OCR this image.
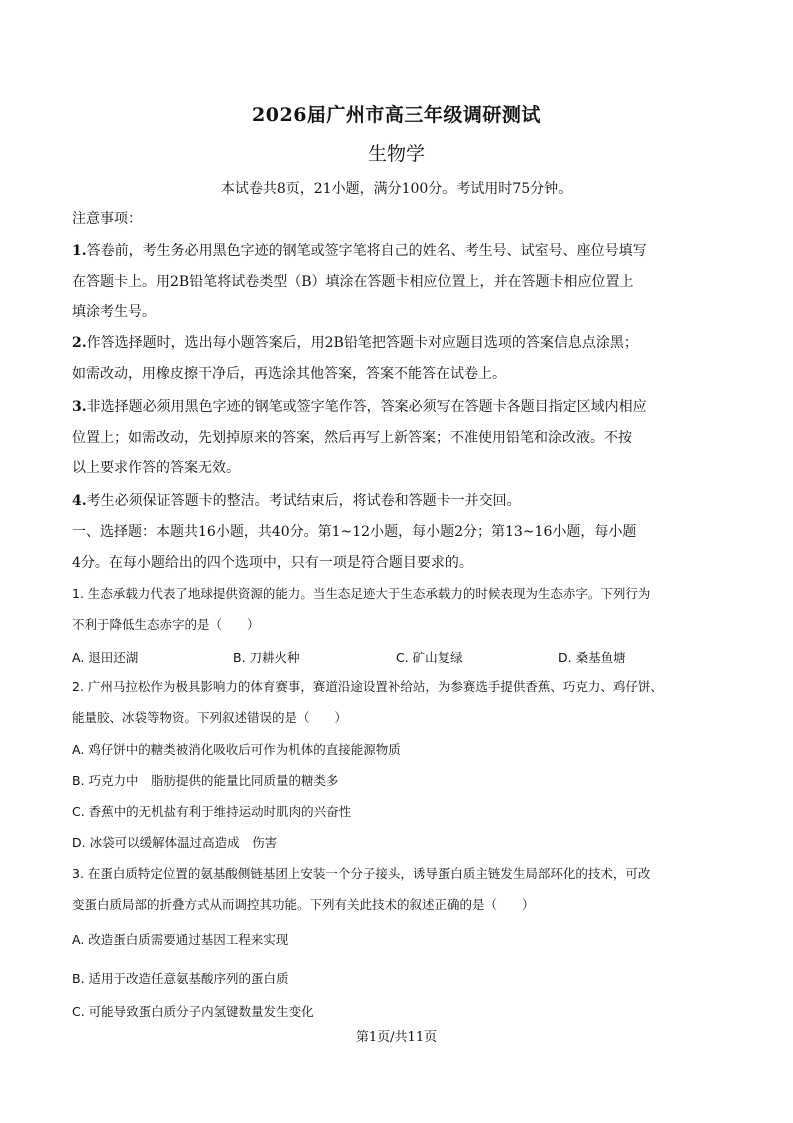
2026届广州市高三年级调研测试
生物学
本试卷共8页，21小题，满分100分。考试用时75分钟。
注意事项：
1.答卷前，考生务必用黑色字迹的钢笔或签字笔将自己的姓名、考生号、试室号、座位号填写
在答题卡上。用2B铅笔将试卷类型（B）填涂在答题卡相应位置上，并在答题卡相应位置上
填涂考生号。
2.作答选择题时，选出每小题答案后，用2B铅笔把答题卡对应题目选项的答案信息点涂黑；
如需改动，用橡皮擦干净后，再选涂其他答案，答案不能答在试卷上。
3.非选择题必须用黑色字迹的钢笔或签字笔作答，答案必须写在答题卡各题目指定区域内相应
位置上；如需改动，先划掉原来的答案，然后再写上新答案；不准使用铅笔和涂改液。不按
以上要求作答的答案无效。
4.考生必须保证答题卡的整洁。考试结束后，将试卷和答题卡一并交回。
一、选择题：本题共16小题，共40分。第1~12小题，每小题2分；第13~16小题，每小题
4分。在每小题给出的四个选项中，只有一项是符合题目要求的。
1. 生态承载力代表了地球提供资源的能力。当生态足迹大于生态承载力的时候表现为生态赤字。下列行为
不利于降低生态赤字的是（　　）
A. 退田还湖	B. 刀耕火种	C. 矿山复绿	D. 桑基鱼塘
2. 广州马拉松作为极具影响力的体育赛事，赛道沿途设置补给站，为参赛选手提供香蕉、巧克力、鸡仔饼、
能量胶、冰袋等物资。下列叙述错误的是（　　）
A. 鸡仔饼中的糖类被消化吸收后可作为机体的直接能源物质
B. 巧克力中　脂肪提供的能量比同质量的糖类多
C. 香蕉中的无机盐有利于维持运动时肌肉的兴奋性
D. 冰袋可以缓解体温过高造成　伤害
3. 在蛋白质特定位置的氨基酸侧链基团上安装一个分子接头，诱导蛋白质主链发生局部环化的技术，可改
变蛋白质局部的折叠方式从而调控其功能。下列有关此技术的叙述正确的是（　　）
A. 改造蛋白质需要通过基因工程来实现
B. 适用于改造任意氨基酸序列的蛋白质
C. 可能导致蛋白质分子内氢键数量发生变化
第1页/共11页
